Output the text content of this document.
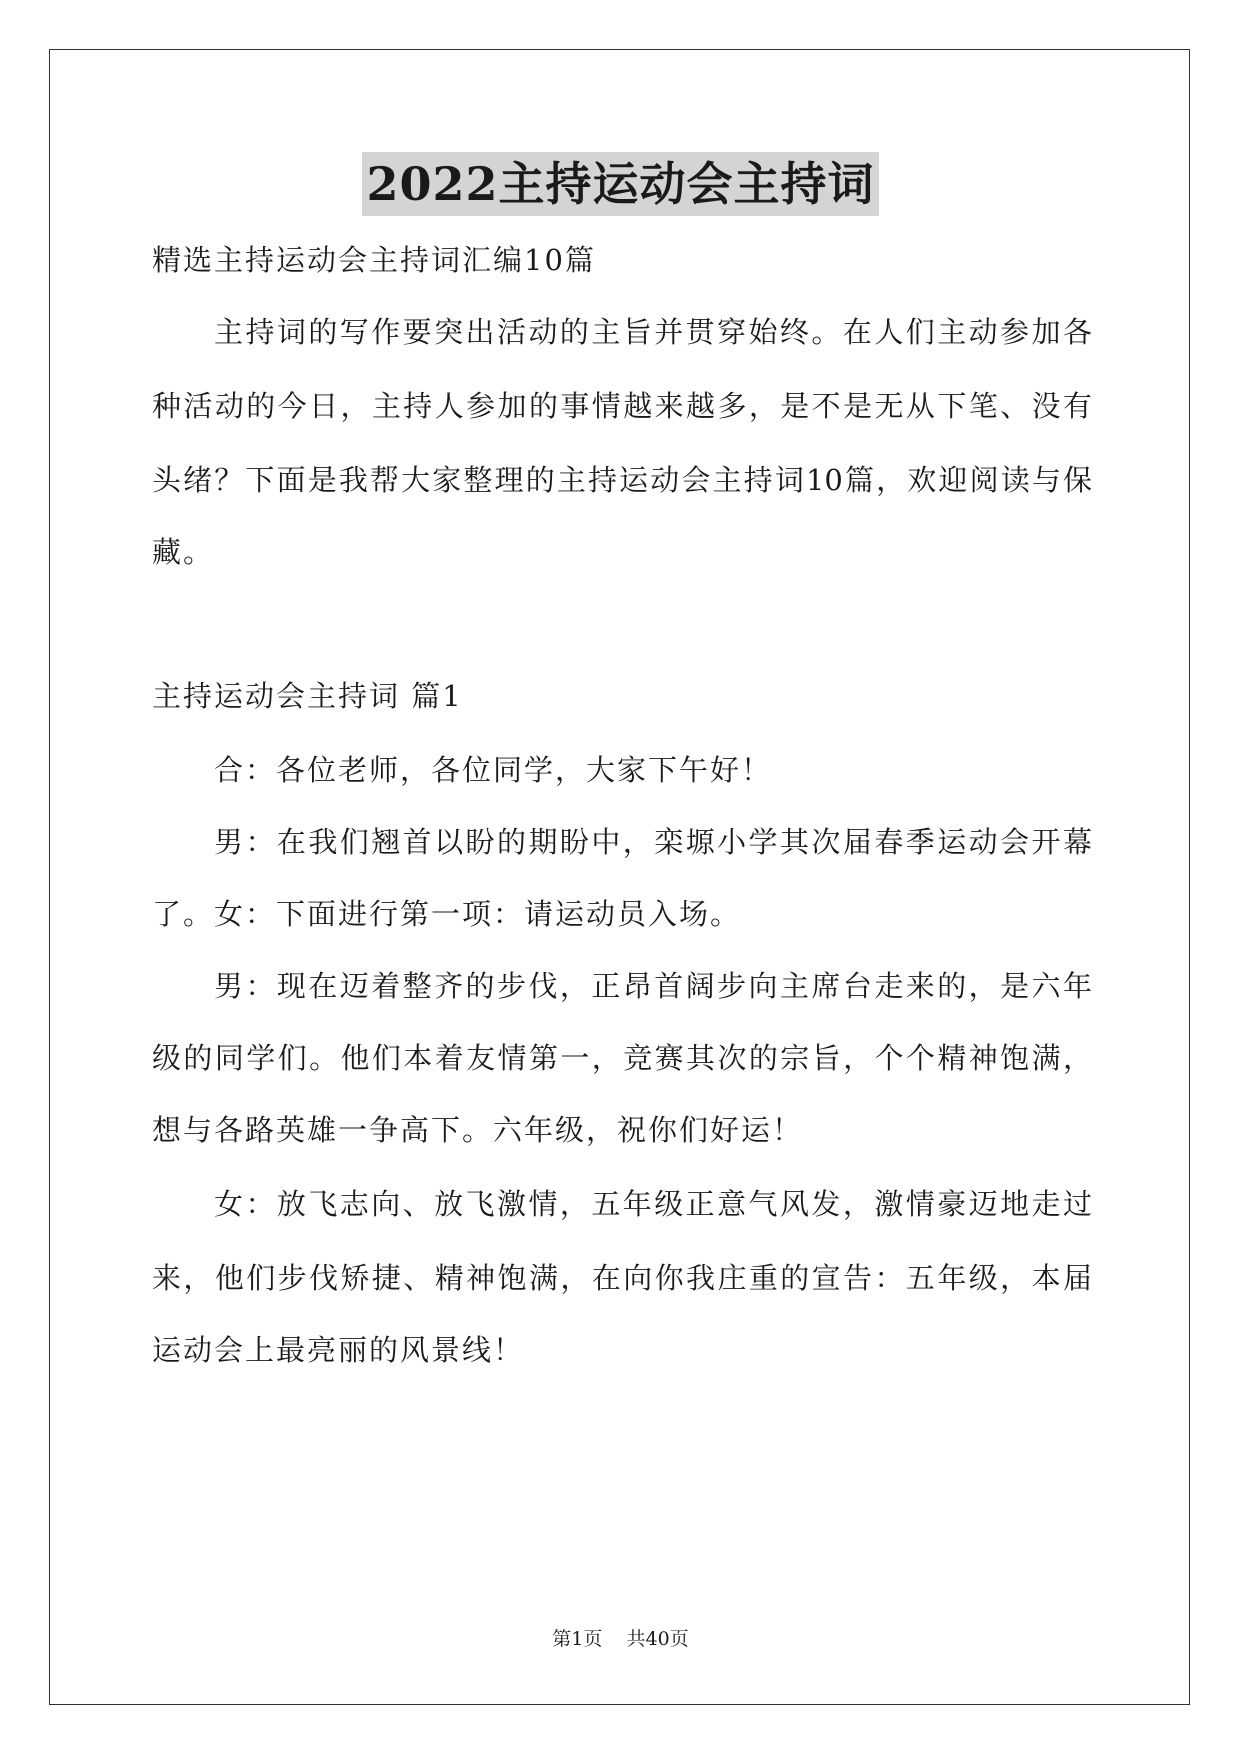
2022主持运动会主持词
精选主持运动会主持词汇编10篇
主持词的写作要突出活动的主旨并贯穿始终。在人们主动参加各
种活动的今日，主持人参加的事情越来越多，是不是无从下笔、没有
头绪？下面是我帮大家整理的主持运动会主持词10篇，欢迎阅读与保
藏。
主持运动会主持词 篇1
合：各位老师，各位同学，大家下午好！
男：在我们翘首以盼的期盼中，栾塬小学其次届春季运动会开幕
了。女：下面进行第一项：请运动员入场。
男：现在迈着整齐的步伐，正昂首阔步向主席台走来的，是六年
级的同学们。他们本着友情第一，竞赛其次的宗旨，个个精神饱满，
想与各路英雄一争高下。六年级，祝你们好运！
女：放飞志向、放飞激情，五年级正意气风发，激情豪迈地走过
来，他们步伐矫捷、精神饱满，在向你我庄重的宣告：五年级，本届
运动会上最亮丽的风景线！
第1页 共40页
